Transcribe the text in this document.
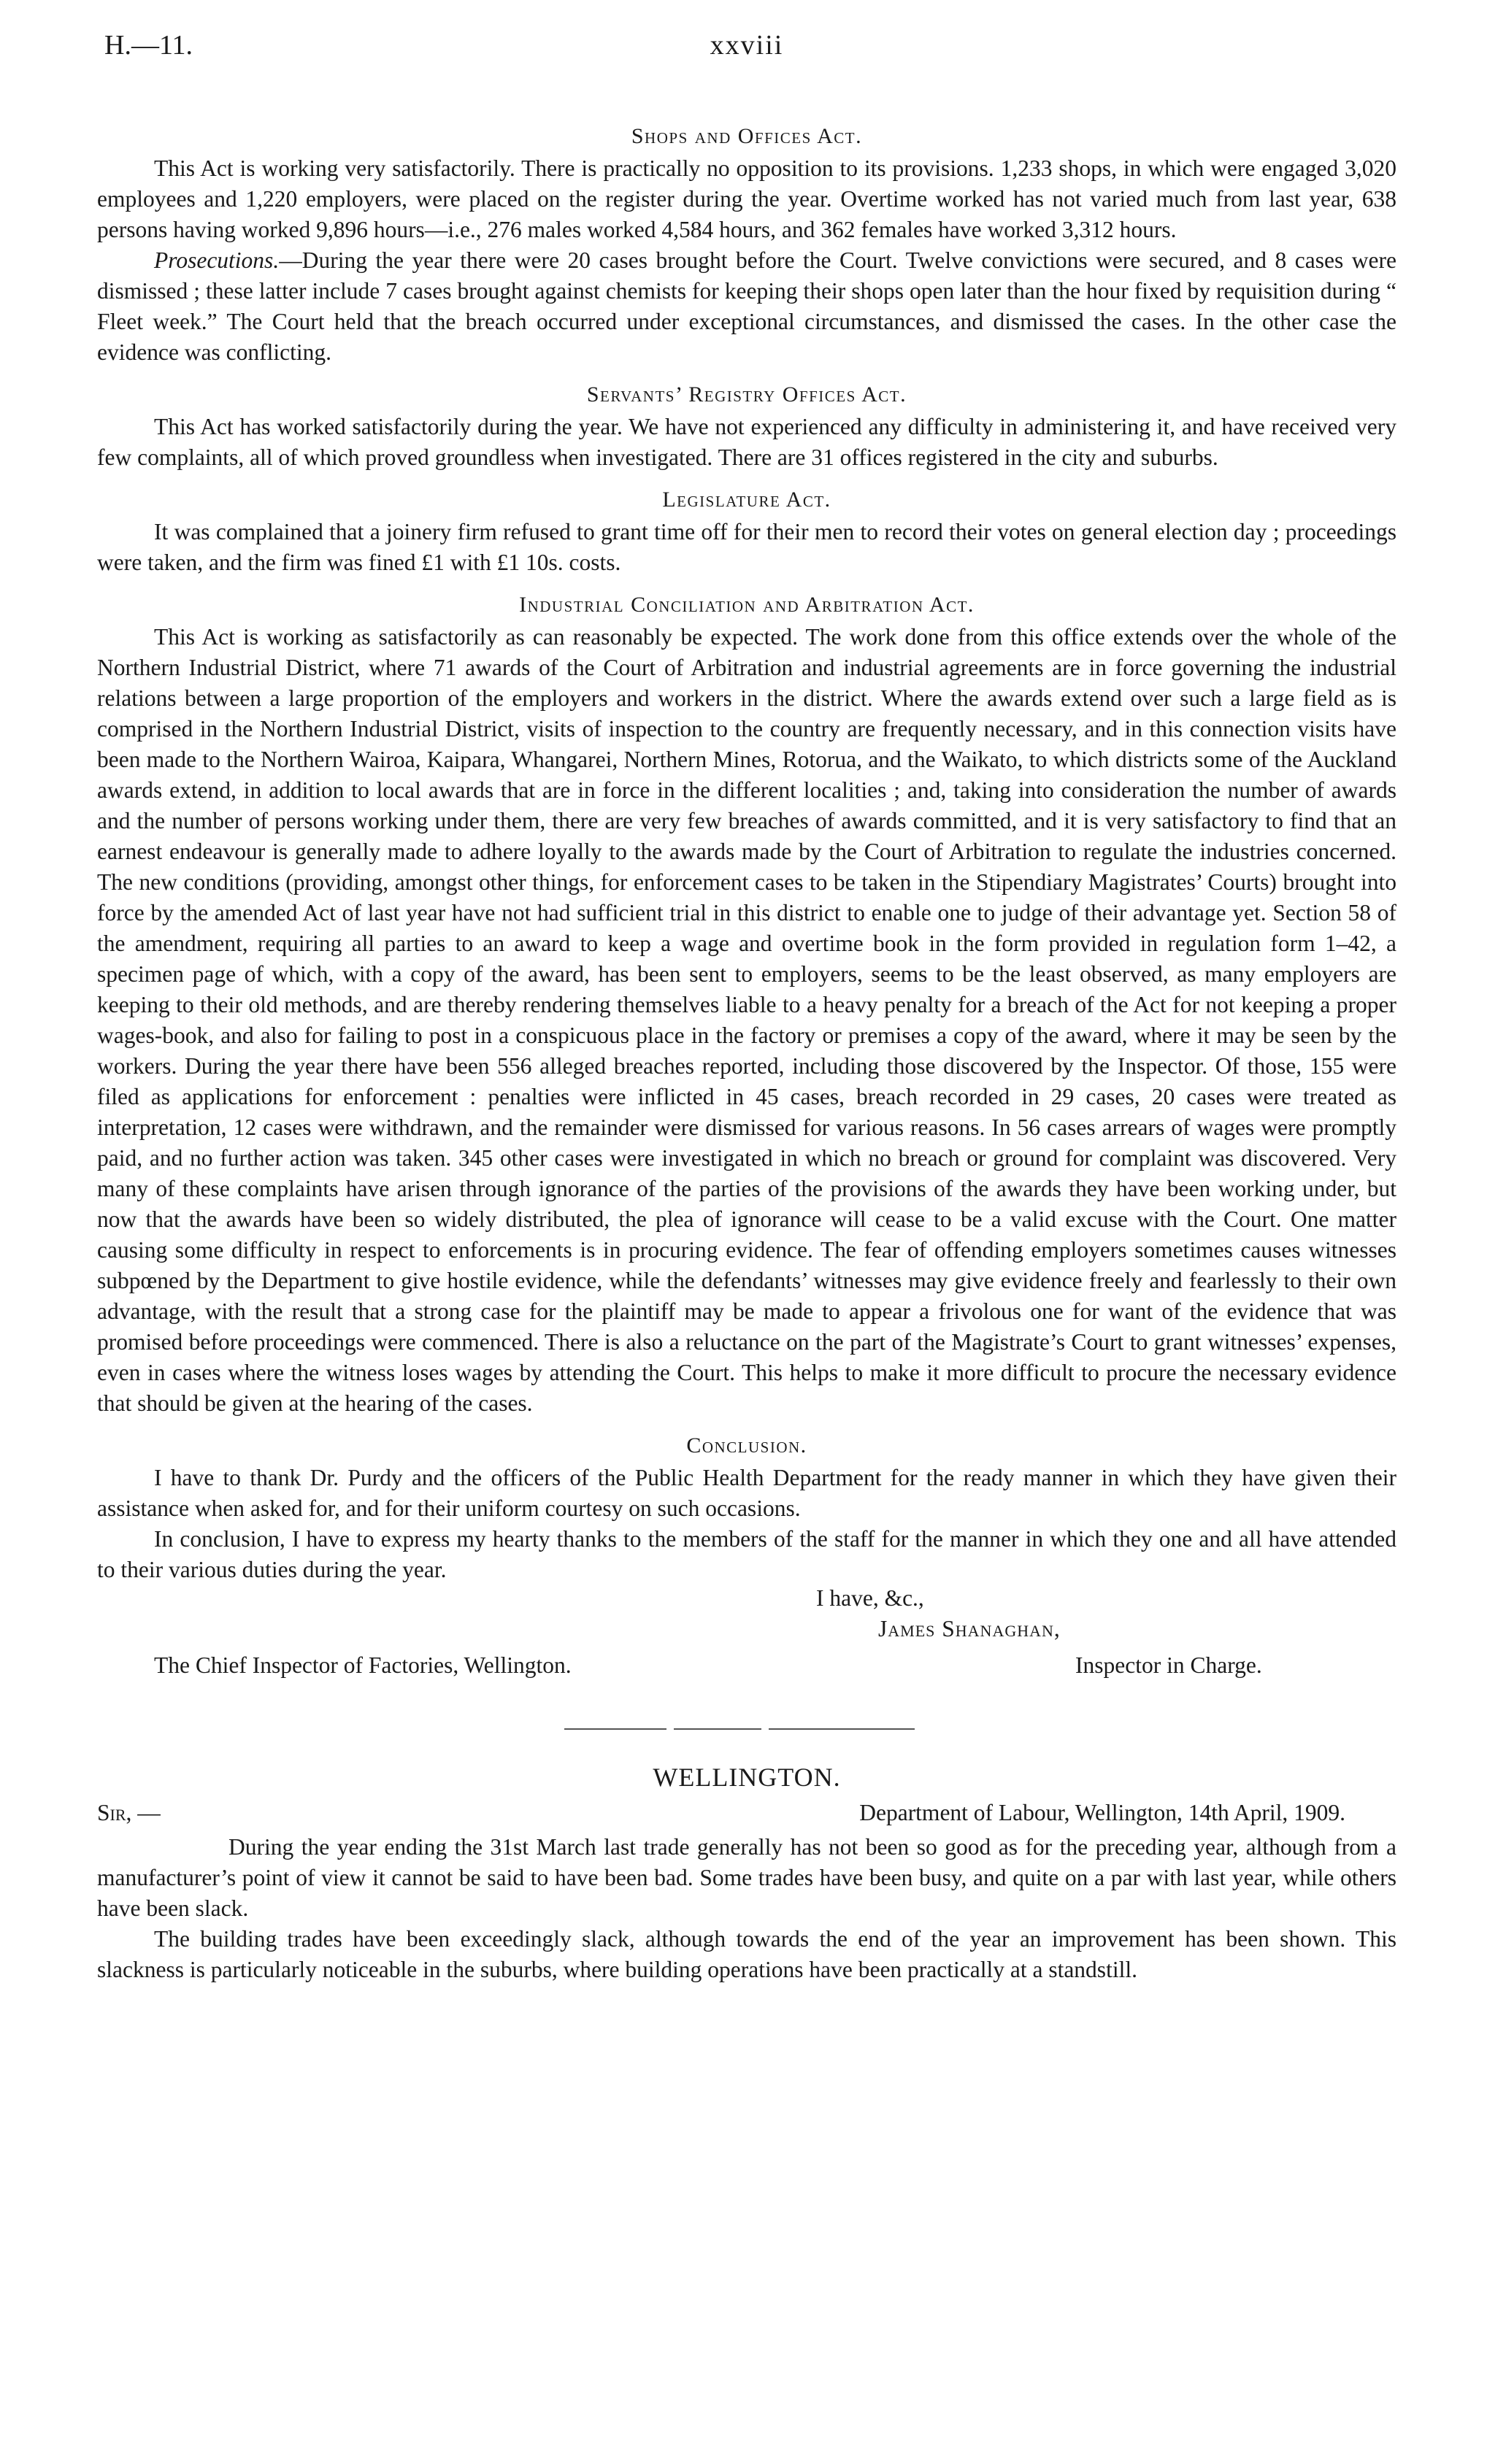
H.—11.	xxviii
Shops and Offices Act.

This Act is working very satisfactorily. There is practically no opposition to its provisions. 1,233 shops, in which were engaged 3,020 employees and 1,220 employers, were placed on the register during the year. Overtime worked has not varied much from last year, 638 persons having worked 9,896 hours—i.e., 276 males worked 4,584 hours, and 362 females have worked 3,312 hours.

Prosecutions.—During the year there were 20 cases brought before the Court. Twelve convictions were secured, and 8 cases were dismissed ; these latter include 7 cases brought against chemists for keeping their shops open later than the hour fixed by requisition during “ Fleet week.” The Court held that the breach occurred under exceptional circumstances, and dismissed the cases. In the other case the evidence was conflicting.

Servants’ Registry Offices Act.

This Act has worked satisfactorily during the year. We have not experienced any difficulty in administering it, and have received very few complaints, all of which proved groundless when investigated. There are 31 offices registered in the city and suburbs.

Legislature Act.

It was complained that a joinery firm refused to grant time off for their men to record their votes on general election day ; proceedings were taken, and the firm was fined £1 with £1 10s. costs.

Industrial Conciliation and Arbitration Act.

This Act is working as satisfactorily as can reasonably be expected. The work done from this office extends over the whole of the Northern Industrial District, where 71 awards of the Court of Arbitration and industrial agreements are in force governing the industrial relations between a large proportion of the employers and workers in the district. Where the awards extend over such a large field as is comprised in the Northern Industrial District, visits of inspection to the country are frequently necessary, and in this connection visits have been made to the Northern Wairoa, Kaipara, Whangarei, Northern Mines, Rotorua, and the Waikato, to which districts some of the Auckland awards extend, in addition to local awards that are in force in the different localities ; and, taking into consideration the number of awards and the number of persons working under them, there are very few breaches of awards committed, and it is very satisfactory to find that an earnest endeavour is generally made to adhere loyally to the awards made by the Court of Arbitration to regulate the industries concerned. The new conditions (providing, amongst other things, for enforcement cases to be taken in the Stipendiary Magistrates’ Courts) brought into force by the amended Act of last year have not had sufficient trial in this district to enable one to judge of their advantage yet. Section 58 of the amendment, requiring all parties to an award to keep a wage and overtime book in the form provided in regulation form 1–42, a specimen page of which, with a copy of the award, has been sent to employers, seems to be the least observed, as many employers are keeping to their old methods, and are thereby rendering themselves liable to a heavy penalty for a breach of the Act for not keeping a proper wages-book, and also for failing to post in a conspicuous place in the factory or premises a copy of the award, where it may be seen by the workers. During the year there have been 556 alleged breaches reported, including those discovered by the Inspector. Of those, 155 were filed as applications for enforcement : penalties were inflicted in 45 cases, breach recorded in 29 cases, 20 cases were treated as interpretation, 12 cases were withdrawn, and the remainder were dismissed for various reasons. In 56 cases arrears of wages were promptly paid, and no further action was taken. 345 other cases were investigated in which no breach or ground for complaint was discovered. Very many of these complaints have arisen through ignorance of the parties of the provisions of the awards they have been working under, but now that the awards have been so widely distributed, the plea of ignorance will cease to be a valid excuse with the Court. One matter causing some difficulty in respect to enforcements is in procuring evidence. The fear of offending employers sometimes causes witnesses subpœned by the Department to give hostile evidence, while the defendants’ witnesses may give evidence freely and fearlessly to their own advantage, with the result that a strong case for the plaintiff may be made to appear a frivolous one for want of the evidence that was promised before proceedings were commenced. There is also a reluctance on the part of the Magistrate’s Court to grant witnesses’ expenses, even in cases where the witness loses wages by attending the Court. This helps to make it more difficult to procure the necessary evidence that should be given at the hearing of the cases.

Conclusion.

I have to thank Dr. Purdy and the officers of the Public Health Department for the ready manner in which they have given their assistance when asked for, and for their uniform courtesy on such occasions.

In conclusion, I have to express my hearty thanks to the members of the staff for the manner in which they one and all have attended to their various duties during the year.

I have, &c.,
James Shanaghan,
The Chief Inspector of Factories, Wellington.	Inspector in Charge.
WELLINGTON.
Sir, —	Department of Labour, Wellington, 14th April, 1909.

During the year ending the 31st March last trade generally has not been so good as for the preceding year, although from a manufacturer’s point of view it cannot be said to have been bad. Some trades have been busy, and quite on a par with last year, while others have been slack.

The building trades have been exceedingly slack, although towards the end of the year an improvement has been shown. This slackness is particularly noticeable in the suburbs, where building operations have been practically at a standstill.
